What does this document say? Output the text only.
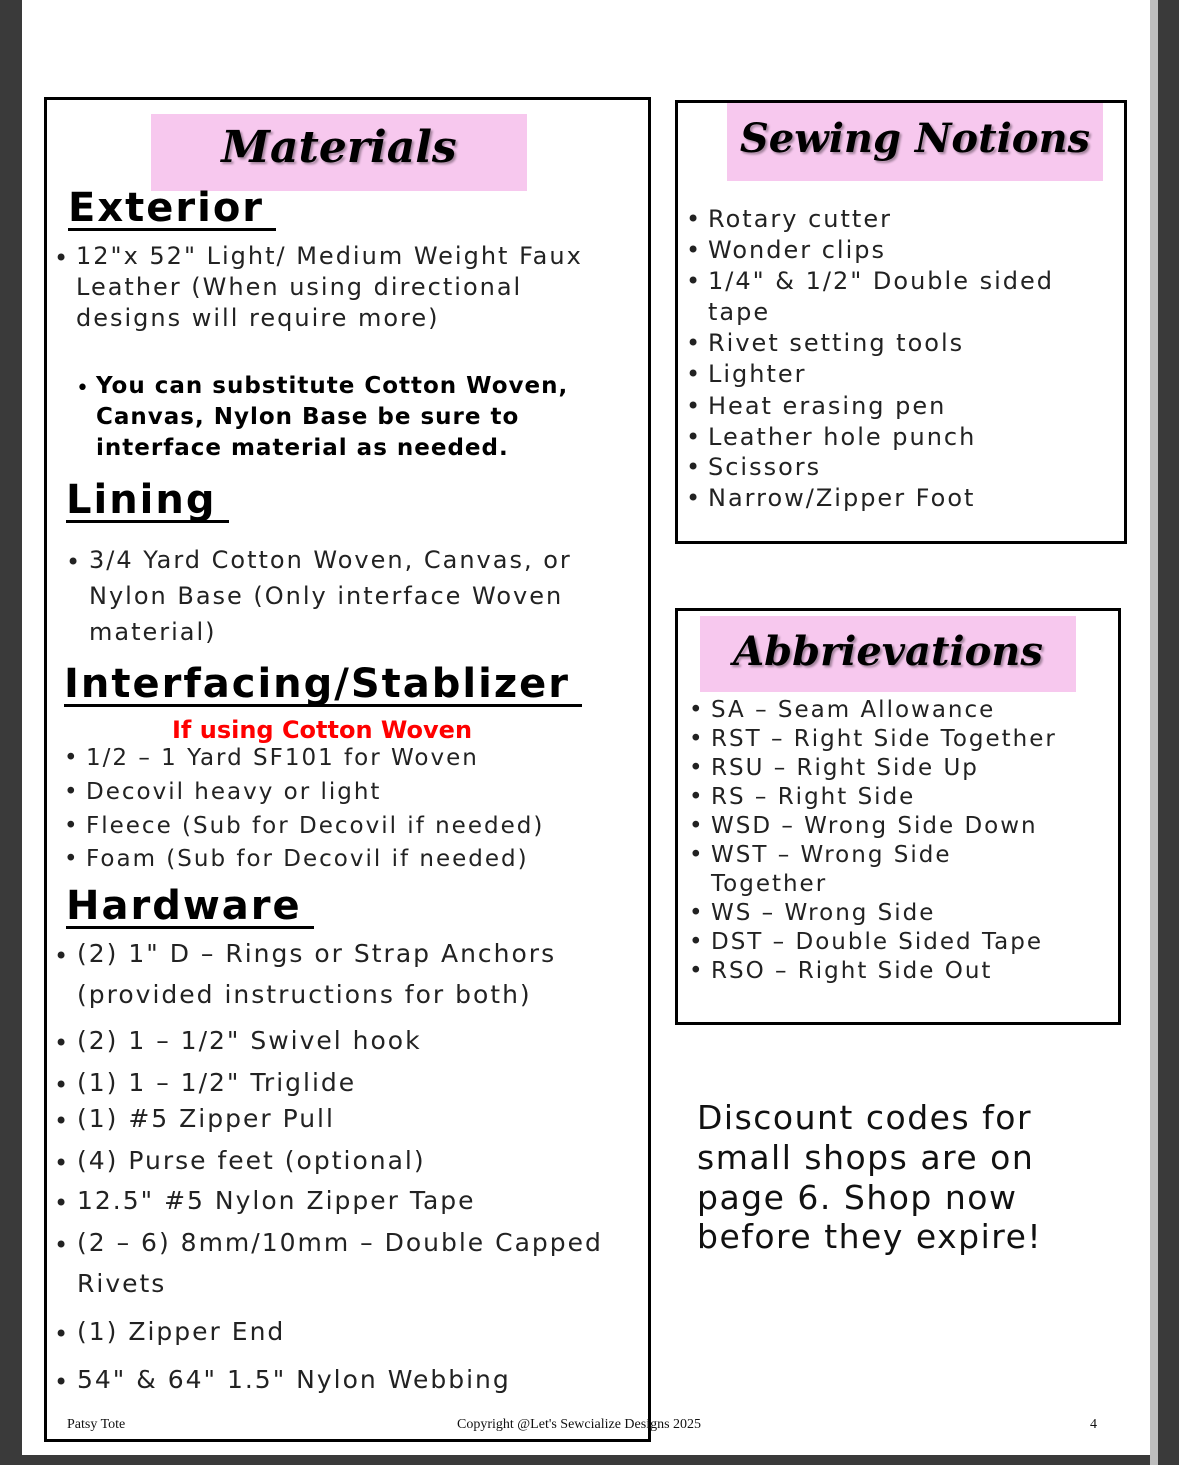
Materials
Exterior
• 12"x 52" Light/ Medium Weight Faux
Leather (When using directional
designs will require more)
• You can substitute Cotton Woven,
Canvas, Nylon Base be sure to
interface material as needed.
Lining
• 3/4 Yard Cotton Woven, Canvas, or
Nylon Base (Only interface Woven
material)
Interfacing/Stablizer
If using Cotton Woven
• 1/2 – 1 Yard SF101 for Woven
• Decovil heavy or light
• Fleece (Sub for Decovil if needed)
• Foam (Sub for Decovil if needed)
Hardware
• (2) 1" D – Rings or Strap Anchors
(provided instructions for both)
• (2) 1 – 1/2" Swivel hook
• (1) 1 – 1/2" Triglide
• (1) #5 Zipper Pull
• (4) Purse feet (optional)
• 12.5" #5 Nylon Zipper Tape
• (2 – 6) 8mm/10mm – Double Capped
Rivets
• (1) Zipper End
• 54" & 64" 1.5" Nylon Webbing
Sewing Notions
• Rotary cutter
• Wonder clips
• 1/4" & 1/2" Double sided
tape
• Rivet setting tools
• Lighter
• Heat erasing pen
• Leather hole punch
• Scissors
• Narrow/Zipper Foot
Abbrievations
• SA – Seam Allowance
• RST – Right Side Together
• RSU – Right Side Up
• RS – Right Side
• WSD – Wrong Side Down
• WST – Wrong Side
Together
• WS – Wrong Side
• DST – Double Sided Tape
• RSO – Right Side Out
Discount codes for
small shops are on
page 6. Shop now
before they expire!
Patsy Tote	Copyright @Let's Sewcialize Designs 2025	4
